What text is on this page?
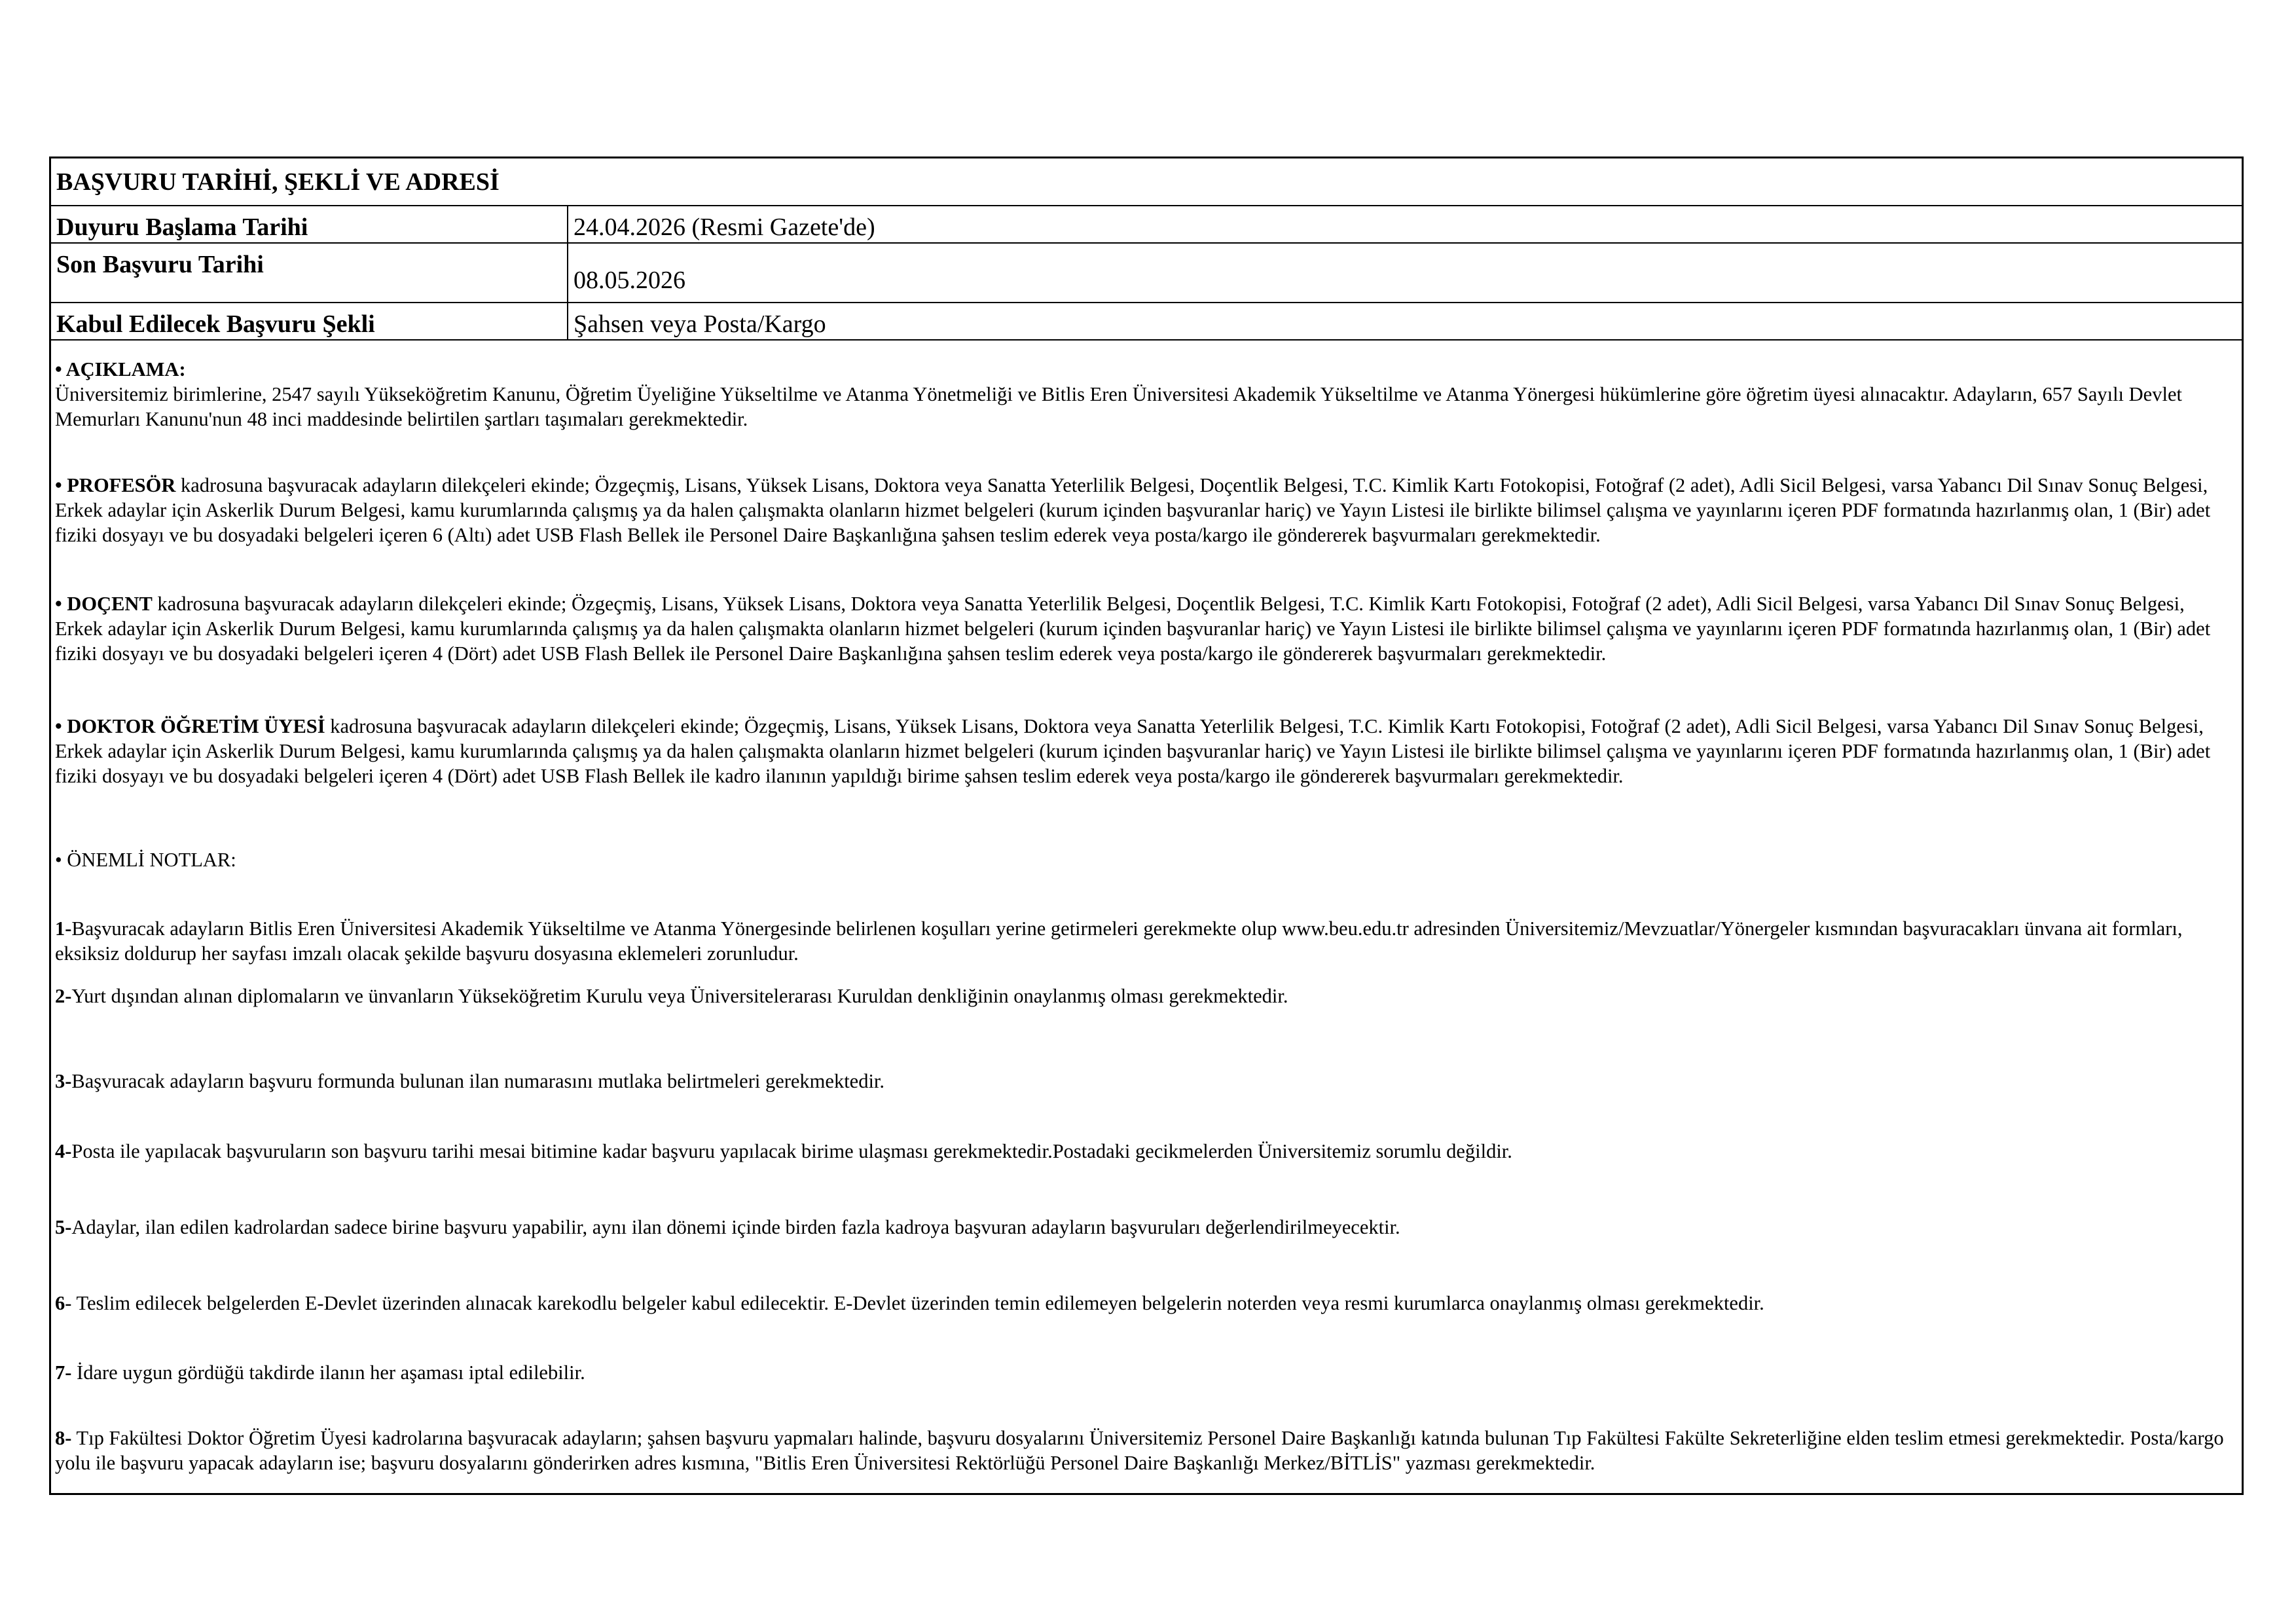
BAŞVURU TARİHİ, ŞEKLİ VE ADRESİ
Duyuru Başlama Tarihi	24.04.2026 (Resmi Gazete'de)
Son Başvuru Tarihi
08.05.2026
Kabul Edilecek Başvuru Şekli	Şahsen veya Posta/Kargo
• AÇIKLAMA:
Üniversitemiz birimlerine, 2547 sayılı Yükseköğretim Kanunu, Öğretim Üyeliğine Yükseltilme ve Atanma Yönetmeliği ve Bitlis Eren Üniversitesi Akademik Yükseltilme ve Atanma Yönergesi hükümlerine göre öğretim üyesi alınacaktır. Adayların, 657 Sayılı Devlet Memurları Kanunu'nun 48 inci maddesinde belirtilen şartları taşımaları gerekmektedir.
• PROFESÖR kadrosuna başvuracak adayların dilekçeleri ekinde; Özgeçmiş, Lisans, Yüksek Lisans, Doktora veya Sanatta Yeterlilik Belgesi, Doçentlik Belgesi, T.C. Kimlik Kartı Fotokopisi, Fotoğraf (2 adet), Adli Sicil Belgesi, varsa Yabancı Dil Sınav Sonuç Belgesi, Erkek adaylar için Askerlik Durum Belgesi, kamu kurumlarında çalışmış ya da halen çalışmakta olanların hizmet belgeleri (kurum içinden başvuranlar hariç) ve Yayın Listesi ile birlikte bilimsel çalışma ve yayınlarını içeren PDF formatında hazırlanmış olan, 1 (Bir) adet fiziki dosyayı ve bu dosyadaki belgeleri içeren 6 (Altı) adet USB Flash Bellek ile Personel Daire Başkanlığına şahsen teslim ederek veya posta/kargo ile göndererek başvurmaları gerekmektedir.
• DOÇENT kadrosuna başvuracak adayların dilekçeleri ekinde; Özgeçmiş, Lisans, Yüksek Lisans, Doktora veya Sanatta Yeterlilik Belgesi, Doçentlik Belgesi, T.C. Kimlik Kartı Fotokopisi, Fotoğraf (2 adet), Adli Sicil Belgesi, varsa Yabancı Dil Sınav Sonuç Belgesi, Erkek adaylar için Askerlik Durum Belgesi, kamu kurumlarında çalışmış ya da halen çalışmakta olanların hizmet belgeleri (kurum içinden başvuranlar hariç) ve Yayın Listesi ile birlikte bilimsel çalışma ve yayınlarını içeren PDF formatında hazırlanmış olan, 1 (Bir) adet fiziki dosyayı ve bu dosyadaki belgeleri içeren 4 (Dört) adet USB Flash Bellek ile Personel Daire Başkanlığına şahsen teslim ederek veya posta/kargo ile göndererek başvurmaları gerekmektedir.
• DOKTOR ÖĞRETİM ÜYESİ kadrosuna başvuracak adayların dilekçeleri ekinde; Özgeçmiş, Lisans, Yüksek Lisans, Doktora veya Sanatta Yeterlilik Belgesi, T.C. Kimlik Kartı Fotokopisi, Fotoğraf (2 adet), Adli Sicil Belgesi, varsa Yabancı Dil Sınav Sonuç Belgesi, Erkek adaylar için Askerlik Durum Belgesi, kamu kurumlarında çalışmış ya da halen çalışmakta olanların hizmet belgeleri (kurum içinden başvuranlar hariç) ve Yayın Listesi ile birlikte bilimsel çalışma ve yayınlarını içeren PDF formatında hazırlanmış olan, 1 (Bir) adet fiziki dosyayı ve bu dosyadaki belgeleri içeren 4 (Dört) adet USB Flash Bellek ile kadro ilanının yapıldığı birime şahsen teslim ederek veya posta/kargo ile göndererek başvurmaları gerekmektedir.
• ÖNEMLİ NOTLAR:
1-Başvuracak adayların Bitlis Eren Üniversitesi Akademik Yükseltilme ve Atanma Yönergesinde belirlenen koşulları yerine getirmeleri gerekmekte olup www.beu.edu.tr adresinden Üniversitemiz/Mevzuatlar/Yönergeler kısmından başvuracakları ünvana ait formları, eksiksiz doldurup her sayfası imzalı olacak şekilde başvuru dosyasına eklemeleri zorunludur.
2-Yurt dışından alınan diplomaların ve ünvanların Yükseköğretim Kurulu veya Üniversitelerarası Kuruldan denkliğinin onaylanmış olması gerekmektedir.
3-Başvuracak adayların başvuru formunda bulunan ilan numarasını mutlaka belirtmeleri gerekmektedir.
4-Posta ile yapılacak başvuruların son başvuru tarihi mesai bitimine kadar başvuru yapılacak birime ulaşması gerekmektedir.Postadaki gecikmelerden Üniversitemiz sorumlu değildir.
5-Adaylar, ilan edilen kadrolardan sadece birine başvuru yapabilir, aynı ilan dönemi içinde birden fazla kadroya başvuran adayların başvuruları değerlendirilmeyecektir.
6- Teslim edilecek belgelerden E-Devlet üzerinden alınacak karekodlu belgeler kabul edilecektir. E-Devlet üzerinden temin edilemeyen belgelerin noterden veya resmi kurumlarca onaylanmış olması gerekmektedir.
7- İdare uygun gördüğü takdirde ilanın her aşaması iptal edilebilir.
8- Tıp Fakültesi Doktor Öğretim Üyesi kadrolarına başvuracak adayların; şahsen başvuru yapmaları halinde, başvuru dosyalarını Üniversitemiz Personel Daire Başkanlığı katında bulunan Tıp Fakültesi Fakülte Sekreterliğine elden teslim etmesi gerekmektedir. Posta/kargo yolu ile başvuru yapacak adayların ise; başvuru dosyalarını gönderirken adres kısmına, "Bitlis Eren Üniversitesi Rektörlüğü Personel Daire Başkanlığı Merkez/BİTLİS" yazması gerekmektedir.
